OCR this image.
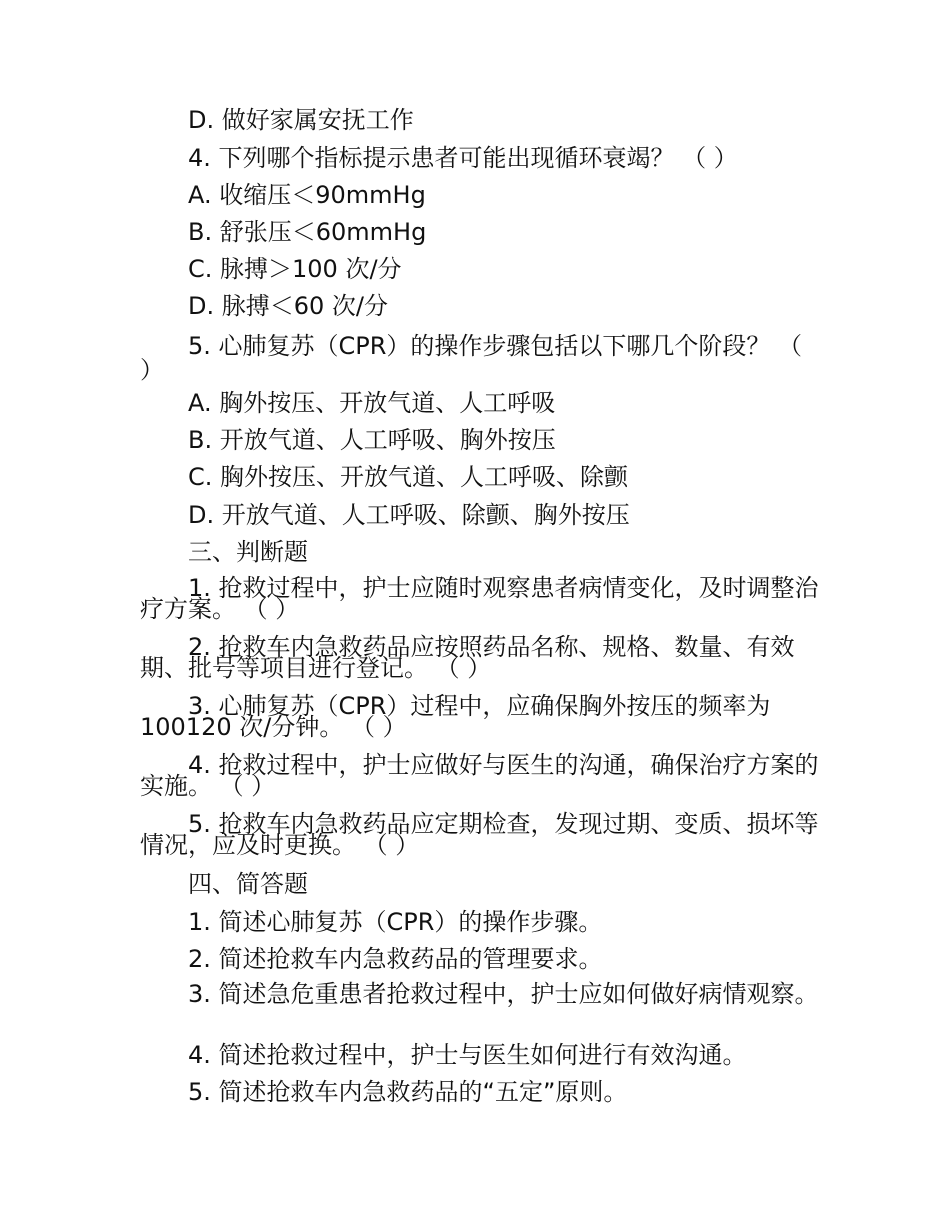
D. 做好家属安抚工作
4. 下列哪个指标提示患者可能出现循环衰竭？ （ ）
A. 收缩压＜90mmHg
B. 舒张压＜60mmHg
C. 脉搏＞100 次/分
D. 脉搏＜60 次/分
5. 心肺复苏（CPR）的操作步骤包括以下哪几个阶段？ （ ）
A. 胸外按压、开放气道、人工呼吸
B. 开放气道、人工呼吸、胸外按压
C. 胸外按压、开放气道、人工呼吸、除颤
D. 开放气道、人工呼吸、除颤、胸外按压
三、判断题
1. 抢救过程中，护士应随时观察患者病情变化，及时调整治疗方案。 （ ）
2. 抢救车内急救药品应按照药品名称、规格、数量、有效期、批号等项目进行登记。 （ ）
3. 心肺复苏（CPR）过程中，应确保胸外按压的频率为 100120 次/分钟。 （ ）
4. 抢救过程中，护士应做好与医生的沟通，确保治疗方案的实施。 （ ）
5. 抢救车内急救药品应定期检查，发现过期、变质、损坏等情况，应及时更换。 （ ）
四、简答题
1. 简述心肺复苏（CPR）的操作步骤。
2. 简述抢救车内急救药品的管理要求。
3. 简述急危重患者抢救过程中，护士应如何做好病情观察。
4. 简述抢救过程中，护士与医生如何进行有效沟通。
5. 简述抢救车内急救药品的“五定”原则。
